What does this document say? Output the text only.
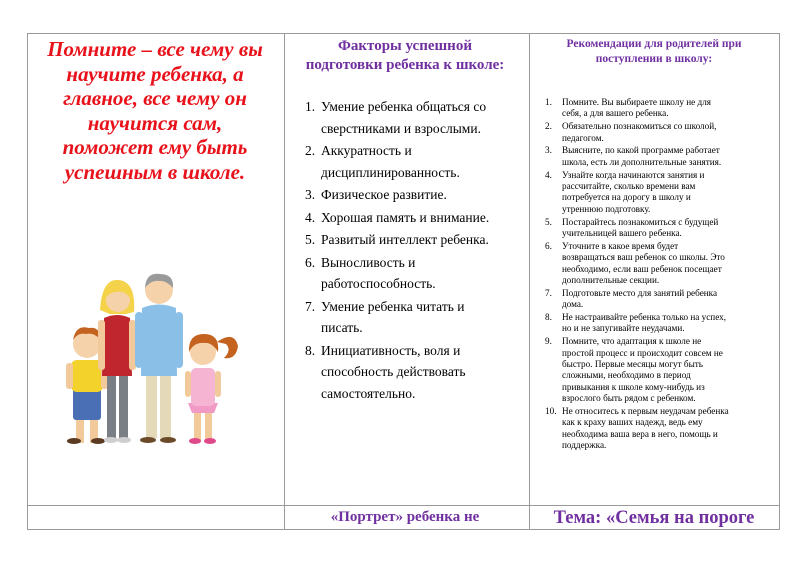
Помните – все чему вы
научите ребенка, а
главное, все чему он
научится сам,
поможет ему быть
успешным в школе.

Факторы успешной
подготовки ребенка к школе:
1. Умение ребенка общаться со
сверстниками и взрослыми.
2. Аккуратность и
дисциплинированность.
3. Физическое развитие.
4. Хорошая память и внимание.
5. Развитый интеллект ребенка.
6. Выносливость и
работоспособность.
7. Умение ребенка читать и
писать.
8. Инициативность, воля и
способность действовать
самостоятельно.
Рекомендации для родителей при
поступлении в школу:
1.	Помните. Вы выбираете школу не для
себя, а для вашего ребенка.
2.	Обязательно познакомиться со школой,
педагогом.
3.	Выясните, по какой программе работает
школа, есть ли дополнительные занятия.
4.	Узнайте когда начинаются занятия и
рассчитайте, сколько времени вам
потребуется на дорогу в школу и
утреннюю подготовку.
5.	Постарайтесь познакомиться с будущей
учительницей вашего ребенка.
6.	Уточните в какое время будет
возвращаться ваш ребенок со школы. Это
необходимо, если ваш ребенок посещает
дополнительные секции.
7.	Подготовьте место для занятий ребенка
дома.
8.	Не настраивайте ребенка только на успех,
но и не запугивайте неудачами.
9.	Помните, что адаптация к школе не
простой процесс и происходит совсем не
быстро. Первые месяцы могут быть
сложными, необходимо в период
привыкания к школе кому-нибудь из
взрослого быть рядом с ребенком.
10. Не относитесь к первым неудачам ребенка
как к краху ваших надежд, ведь ему
необходима ваша вера в него, помощь и
поддержка.
«Портрет» ребенка не	Тема: «Семья на пороге
